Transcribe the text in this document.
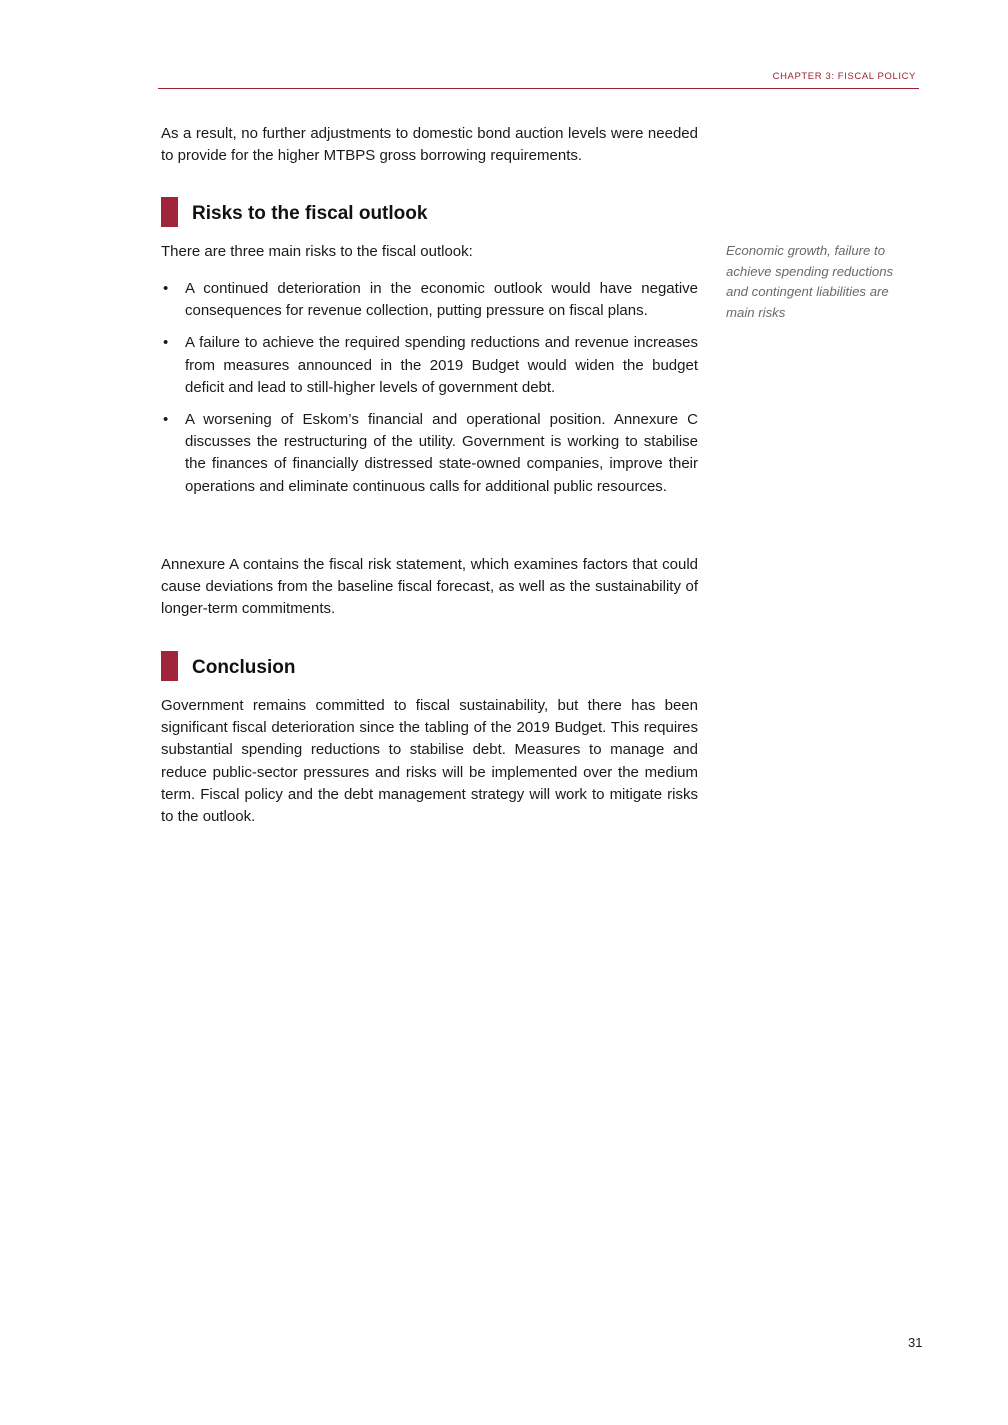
CHAPTER 3: FISCAL POLICY

As a result, no further adjustments to domestic bond auction levels were needed to provide for the higher MTBPS gross borrowing requirements.

Risks to the fiscal outlook

There are three main risks to the fiscal outlook:	Economic growth, failure to achieve spending reductions and contingent liabilities are main risks
• A continued deterioration in the economic outlook would have negative consequences for revenue collection, putting pressure on fiscal plans.
• A failure to achieve the required spending reductions and revenue increases from measures announced in the 2019 Budget would widen the budget deficit and lead to still-higher levels of government debt.
• A worsening of Eskom’s financial and operational position. Annexure C discusses the restructuring of the utility. Government is working to stabilise the finances of financially distressed state-owned companies, improve their operations and eliminate continuous calls for additional public resources.

Annexure A contains the fiscal risk statement, which examines factors that could cause deviations from the baseline fiscal forecast, as well as the sustainability of longer-term commitments.

Conclusion

Government remains committed to fiscal sustainability, but there has been significant fiscal deterioration since the tabling of the 2019 Budget. This requires substantial spending reductions to stabilise debt. Measures to manage and reduce public-sector pressures and risks will be implemented over the medium term. Fiscal policy and the debt management strategy will work to mitigate risks to the outlook.

31
